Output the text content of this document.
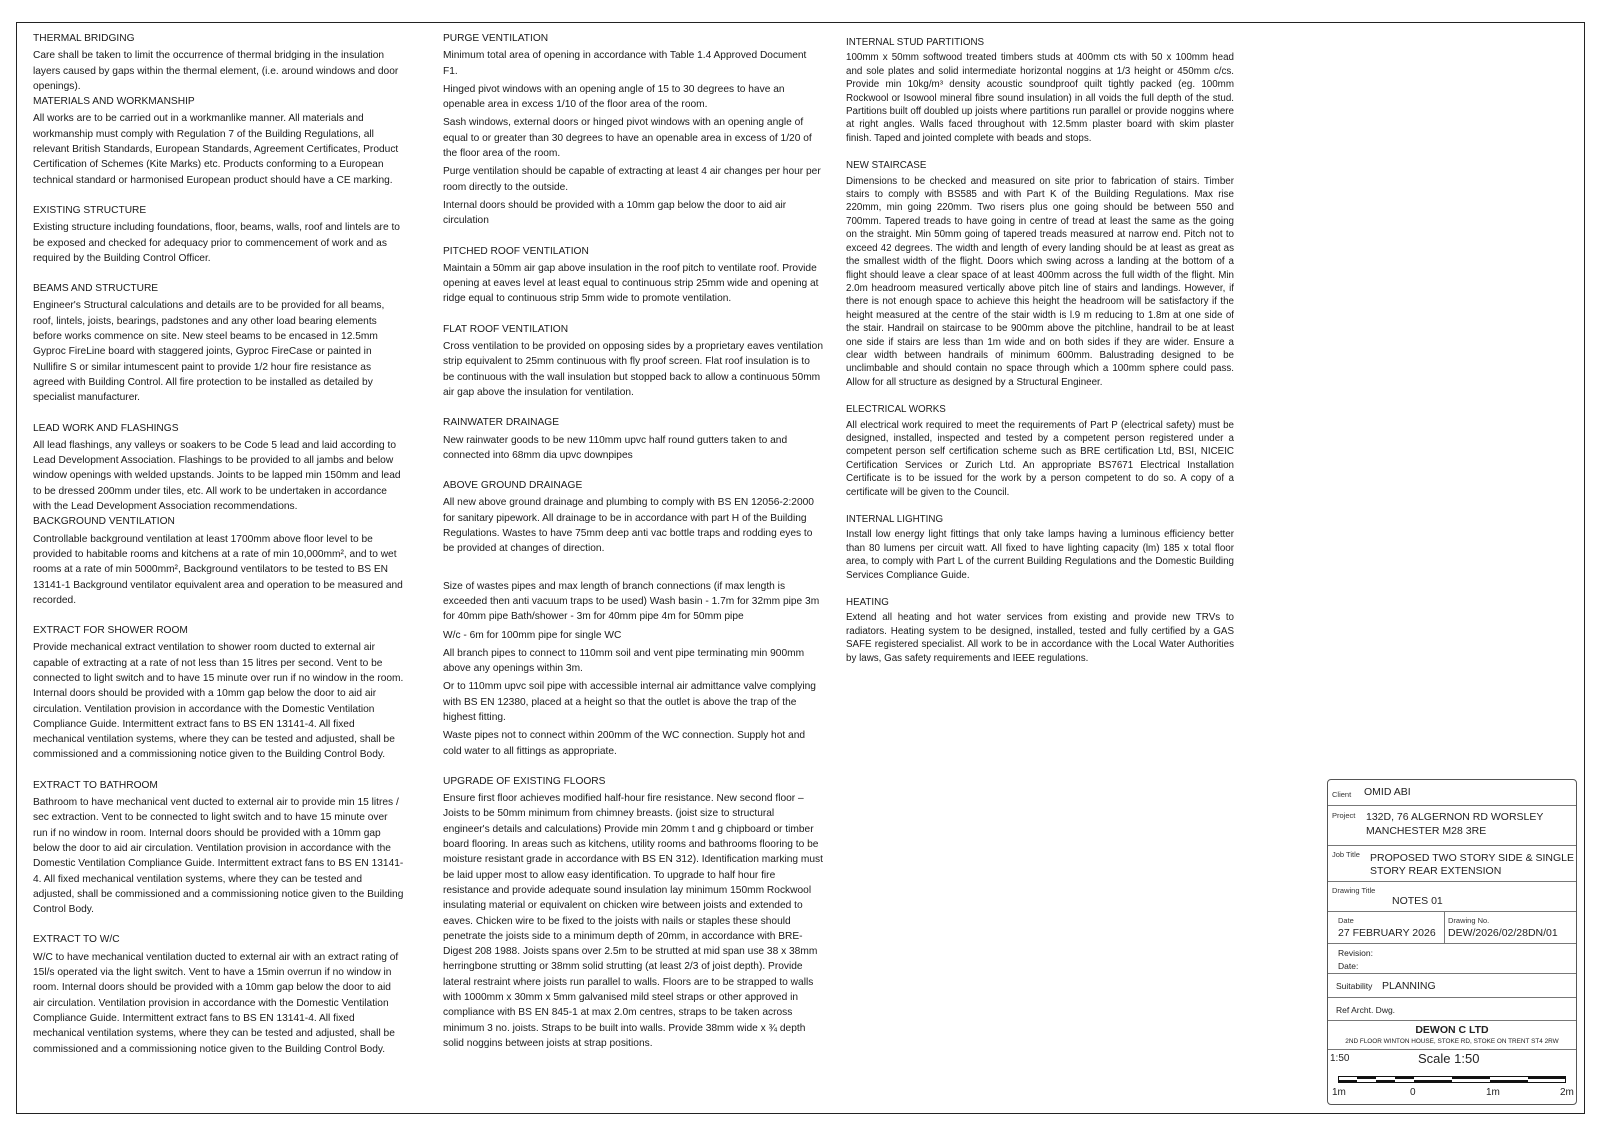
THERMAL BRIDGING
Care shall be taken to limit the occurrence of thermal bridging in the insulation layers caused by gaps within the thermal element, (i.e. around windows and door openings).
MATERIALS AND WORKMANSHIP
All works are to be carried out in a workmanlike manner. All materials and workmanship must comply with Regulation 7 of the Building Regulations, all relevant British Standards, European Standards, Agreement Certificates, Product Certification of Schemes (Kite Marks) etc. Products conforming to a European technical standard or harmonised European product should have a CE marking.
EXISTING STRUCTURE
Existing structure including foundations, floor, beams, walls, roof and lintels are to be exposed and checked for adequacy prior to commencement of work and as required by the Building Control Officer.
BEAMS AND STRUCTURE
Engineer's Structural calculations and details are to be provided for all beams, roof, lintels, joists, bearings, padstones and any other load bearing elements before works commence on site. New steel beams to be encased in 12.5mm Gyproc FireLine board with staggered joints, Gyproc FireCase or painted in Nullifire S or similar intumescent paint to provide 1/2 hour fire resistance as agreed with Building Control. All fire protection to be installed as detailed by specialist manufacturer.
LEAD WORK AND FLASHINGS
All lead flashings, any valleys or soakers to be Code 5 lead and laid according to Lead Development Association. Flashings to be provided to all jambs and below window openings with welded upstands. Joints to be lapped min 150mm and lead to be dressed 200mm under tiles, etc. All work to be undertaken in accordance with the Lead Development Association recommendations.
BACKGROUND VENTILATION
Controllable background ventilation at least 1700mm above floor level to be provided to habitable rooms and kitchens at a rate of min 10,000mm², and to wet rooms at a rate of min 5000mm², Background ventilators to be tested to BS EN 13141-1 Background ventilator equivalent area and operation to be measured and recorded.
EXTRACT FOR SHOWER ROOM
Provide mechanical extract ventilation to shower room ducted to external air capable of extracting at a rate of not less than 15 litres per second. Vent to be connected to light switch and to have 15 minute over run if no window in the room. Internal doors should be provided with a 10mm gap below the door to aid air circulation. Ventilation provision in accordance with the Domestic Ventilation Compliance Guide. Intermittent extract fans to BS EN 13141-4. All fixed mechanical ventilation systems, where they can be tested and adjusted, shall be commissioned and a commissioning notice given to the Building Control Body.
EXTRACT TO BATHROOM
Bathroom to have mechanical vent ducted to external air to provide min 15 litres / sec extraction. Vent to be connected to light switch and to have 15 minute over run if no window in room. Internal doors should be provided with a 10mm gap below the door to aid air circulation. Ventilation provision in accordance with the Domestic Ventilation Compliance Guide. Intermittent extract fans to BS EN 13141-4. All fixed mechanical ventilation systems, where they can be tested and adjusted, shall be commissioned and a commissioning notice given to the Building Control Body.
EXTRACT TO W/C
W/C to have mechanical ventilation ducted to external air with an extract rating of 15l/s operated via the light switch. Vent to have a 15min overrun if no window in room. Internal doors should be provided with a 10mm gap below the door to aid air circulation. Ventilation provision in accordance with the Domestic Ventilation Compliance Guide. Intermittent extract fans to BS EN 13141-4. All fixed mechanical ventilation systems, where they can be tested and adjusted, shall be commissioned and a commissioning notice given to the Building Control Body.
PURGE VENTILATION
Minimum total area of opening in accordance with Table 1.4 Approved Document F1.
Hinged pivot windows with an opening angle of 15 to 30 degrees to have an openable area in excess 1/10 of the floor area of the room.
Sash windows, external doors or hinged pivot windows with an opening angle of equal to or greater than 30 degrees to have an openable area in excess of 1/20 of the floor area of the room.
Purge ventilation should be capable of extracting at least 4 air changes per hour per room directly to the outside.
Internal doors should be provided with a 10mm gap below the door to aid air circulation
PITCHED ROOF VENTILATION
Maintain a 50mm air gap above insulation in the roof pitch to ventilate roof. Provide opening at eaves level at least equal to continuous strip 25mm wide and opening at ridge equal to continuous strip 5mm wide to promote ventilation.
FLAT ROOF VENTILATION
Cross ventilation to be provided on opposing sides by a proprietary eaves ventilation strip equivalent to 25mm continuous with fly proof screen. Flat roof insulation is to be continuous with the wall insulation but stopped back to allow a continuous 50mm air gap above the insulation for ventilation.
RAINWATER DRAINAGE
New rainwater goods to be new 110mm upvc half round gutters taken to and connected into 68mm dia upvc downpipes
ABOVE GROUND DRAINAGE
All new above ground drainage and plumbing to comply with BS EN 12056-2:2000 for sanitary pipework. All drainage to be in accordance with part H of the Building Regulations. Wastes to have 75mm deep anti vac bottle traps and rodding eyes to be provided at changes of direction.
Size of wastes pipes and max length of branch connections (if max length is exceeded then anti vacuum traps to be used) Wash basin - 1.7m for 32mm pipe 3m for 40mm pipe Bath/shower - 3m for 40mm pipe 4m for 50mm pipe
W/c - 6m for 100mm pipe for single WC
All branch pipes to connect to 110mm soil and vent pipe terminating min 900mm above any openings within 3m.
Or to 110mm upvc soil pipe with accessible internal air admittance valve complying with BS EN 12380, placed at a height so that the outlet is above the trap of the highest fitting.
Waste pipes not to connect within 200mm of the WC connection. Supply hot and cold water to all fittings as appropriate.
UPGRADE OF EXISTING FLOORS
Ensure first floor achieves modified half-hour fire resistance. New second floor –Joists to be 50mm minimum from chimney breasts. (joist size to structural engineer's details and calculations) Provide min 20mm t and g chipboard or timber board flooring. In areas such as kitchens, utility rooms and bathrooms flooring to be moisture resistant grade in accordance with BS EN 312). Identification marking must be laid upper most to allow easy identification. To upgrade to half hour fire resistance and provide adequate sound insulation lay minimum 150mm Rockwool insulating material or equivalent on chicken wire between joists and extended to eaves. Chicken wire to be fixed to the joists with nails or staples these should penetrate the joists side to a minimum depth of 20mm, in accordance with BRE-Digest 208 1988. Joists spans over 2.5m to be strutted at mid span use 38 x 38mm herringbone strutting or 38mm solid strutting (at least 2/3 of joist depth). Provide lateral restraint where joists run parallel to walls. Floors are to be strapped to walls with 1000mm x 30mm x 5mm galvanised mild steel straps or other approved in compliance with BS EN 845-1 at max 2.0m centres, straps to be taken across minimum 3 no. joists. Straps to be built into walls. Provide 38mm wide x ¾ depth solid noggins between joists at strap positions.
INTERNAL STUD PARTITIONS
100mm x 50mm softwood treated timbers studs at 400mm cts with 50 x 100mm head and sole plates and solid intermediate horizontal noggins at 1/3 height or 450mm c/cs. Provide min 10kg/m³ density acoustic soundproof quilt tightly packed (eg. 100mm Rockwool or Isowool mineral fibre sound insulation) in all voids the full depth of the stud. Partitions built off doubled up joists where partitions run parallel or provide noggins where at right angles. Walls faced throughout with 12.5mm plaster board with skim plaster finish. Taped and jointed complete with beads and stops.
NEW STAIRCASE
Dimensions to be checked and measured on site prior to fabrication of stairs. Timber stairs to comply with BS585 and with Part K of the Building Regulations. Max rise 220mm, min going 220mm. Two risers plus one going should be between 550 and 700mm. Tapered treads to have going in centre of tread at least the same as the going on the straight. Min 50mm going of tapered treads measured at narrow end. Pitch not to exceed 42 degrees. The width and length of every landing should be at least as great as the smallest width of the flight. Doors which swing across a landing at the bottom of a flight should leave a clear space of at least 400mm across the full width of the flight. Min 2.0m headroom measured vertically above pitch line of stairs and landings. However, if there is not enough space to achieve this height the headroom will be satisfactory if the height measured at the centre of the stair width is l.9 m reducing to 1.8m at one side of the stair. Handrail on staircase to be 900mm above the pitchline, handrail to be at least one side if stairs are less than 1m wide and on both sides if they are wider. Ensure a clear width between handrails of minimum 600mm. Balustrading designed to be unclimbable and should contain no space through which a 100mm sphere could pass. Allow for all structure as designed by a Structural Engineer.
ELECTRICAL WORKS
All electrical work required to meet the requirements of Part P (electrical safety) must be designed, installed, inspected and tested by a competent person registered under a competent person self certification scheme such as BRE certification Ltd, BSI, NICEIC Certification Services or Zurich Ltd. An appropriate BS7671 Electrical Installation Certificate is to be issued for the work by a person competent to do so. A copy of a certificate will be given to the Council.
INTERNAL LIGHTING
Install low energy light fittings that only take lamps having a luminous efficiency better than 80 lumens per circuit watt. All fixed to have lighting capacity (lm) 185 x total floor area, to comply with Part L of the current Building Regulations and the Domestic Building Services Compliance Guide.
HEATING
Extend all heating and hot water services from existing and provide new TRVs to radiators. Heating system to be designed, installed, tested and fully certified by a GAS SAFE registered specialist. All work to be in accordance with the Local Water Authorities by laws, Gas safety requirements and IEEE regulations.
Client OMID ABI
Project 132D, 76 ALGERNON RD WORSLEY
MANCHESTER M28 3RE
Job Title PROPOSED TWO STORY SIDE & SINGLE
STORY REAR EXTENSION
Drawing Title
NOTES 01
Date
27 FEBRUARY 2026
Drawing No.
DEW/2026/02/28DN/01
Revision:
Date:
Suitability PLANNING
Ref Archt. Dwg.
DEWON C LTD
2ND FLOOR WINTON HOUSE, STOKE RD, STOKE ON TRENT ST4 2RW
1:50	Scale 1:50
1m	0	1m	2m
